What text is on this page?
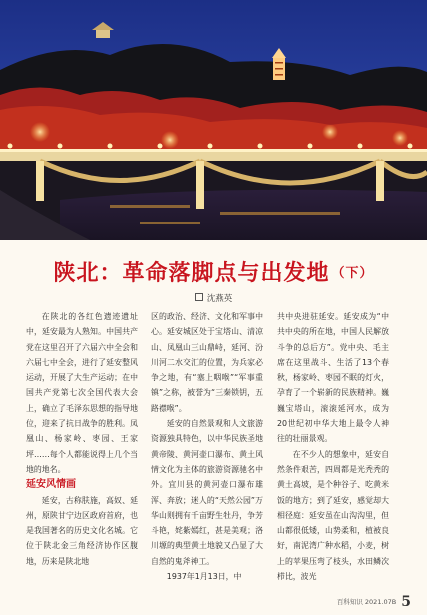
陕北：革命落脚点与出发地 $^{(下)}$
沈燕英

在陕北的各红色遗迹遗址中，延安最为人熟知。中国共产党在这里召开了六届六中全会和六届七中全会，进行了延安整风运动，开展了大生产运动；在中国共产党第七次全国代表大会上，确立了毛泽东思想的指导地位，迎来了抗日战争的胜利。凤凰山、杨家岭、枣园、王家坪……每个人都能说得上几个当地的地名。

延安风情画

延安，古称肤施，高奴、延州，原陕甘宁边区政府首府，也是我国著名的历史文化名城。它位于陕北金三角经济协作区腹地，历来是陕北地

区的政治、经济、文化和军事中心。延安城区处于宝塔山、清凉山、凤凰山三山鼎峙，延河、汾川河二水交汇的位置，为兵家必争之地，有“塞上咽喉”“军事重镇”之称，被誉为“三秦锁钥，五路襟喉”。

延安的自然景观和人文旅游资源独具特色，以中华民族圣地黄帝陵、黄河壶口瀑布、黄土风情文化为主体的旅游资源驰名中外。宜川县的黄河壶口瀑布雄浑、奔放；迷人的“天然公园”万华山则拥有千亩野生牡丹，争芳斗艳，姹紫嫣红，甚是美观；洛川塬的典型黄土地貌又凸显了大自然的鬼斧神工。

1937年1月13日，中

共中央进驻延安。延安成为“中共中央的所在地，中国人民解放斗争的总后方”。党中央、毛主席在这里战斗、生活了13个春秋，杨家岭、枣园不眠的灯火，孕育了一个崭新的民族精神。巍巍宝塔山，滚滚延河水，成为20世纪初中华大地上最令人神往的壮丽景观。

在不少人的想象中，延安自然条件艰苦，四周都是光秃秃的黄土高坡，是个种谷子、吃黄米饭的地方；到了延安，感觉却大相径庭：延安虽在山沟沟里，但山都很低矮，山势柔和，植被良好，南泥湾广种水稻，小麦，树上的苹果压弯了枝头，水田鳞次栉比，波光

百科知识 2021.07B 5
